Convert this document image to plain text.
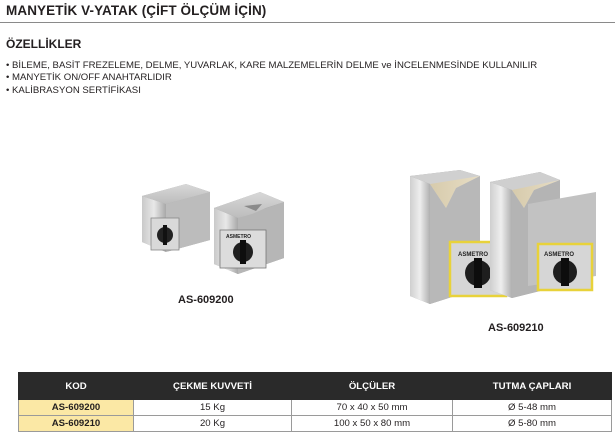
MANYETİK V-YATAK (ÇİFT ÖLÇÜM İÇİN)
ÖZELLİKLER
• BİLEME, BASİT FREZELEME, DELME, YUVARLAK, KARE MALZEMELERİN DELME ve İNCELENMESİNDE KULLANILIR
• MANYETİK ON/OFF ANAHTARLIDIR
• KALİBRASYON SERTİFİKASI
ASMETRO
AS-609200
ASMETRO	ASMETRO
AS-609210
KOD	ÇEKME KUVVETİ	ÖLÇÜLER	TUTMA ÇAPLARI
AS-609200	15 Kg	70 x 40 x 50 mm	Ø 5-48 mm
AS-609210	20 Kg	100 x 50 x 80 mm	Ø 5-80 mm
